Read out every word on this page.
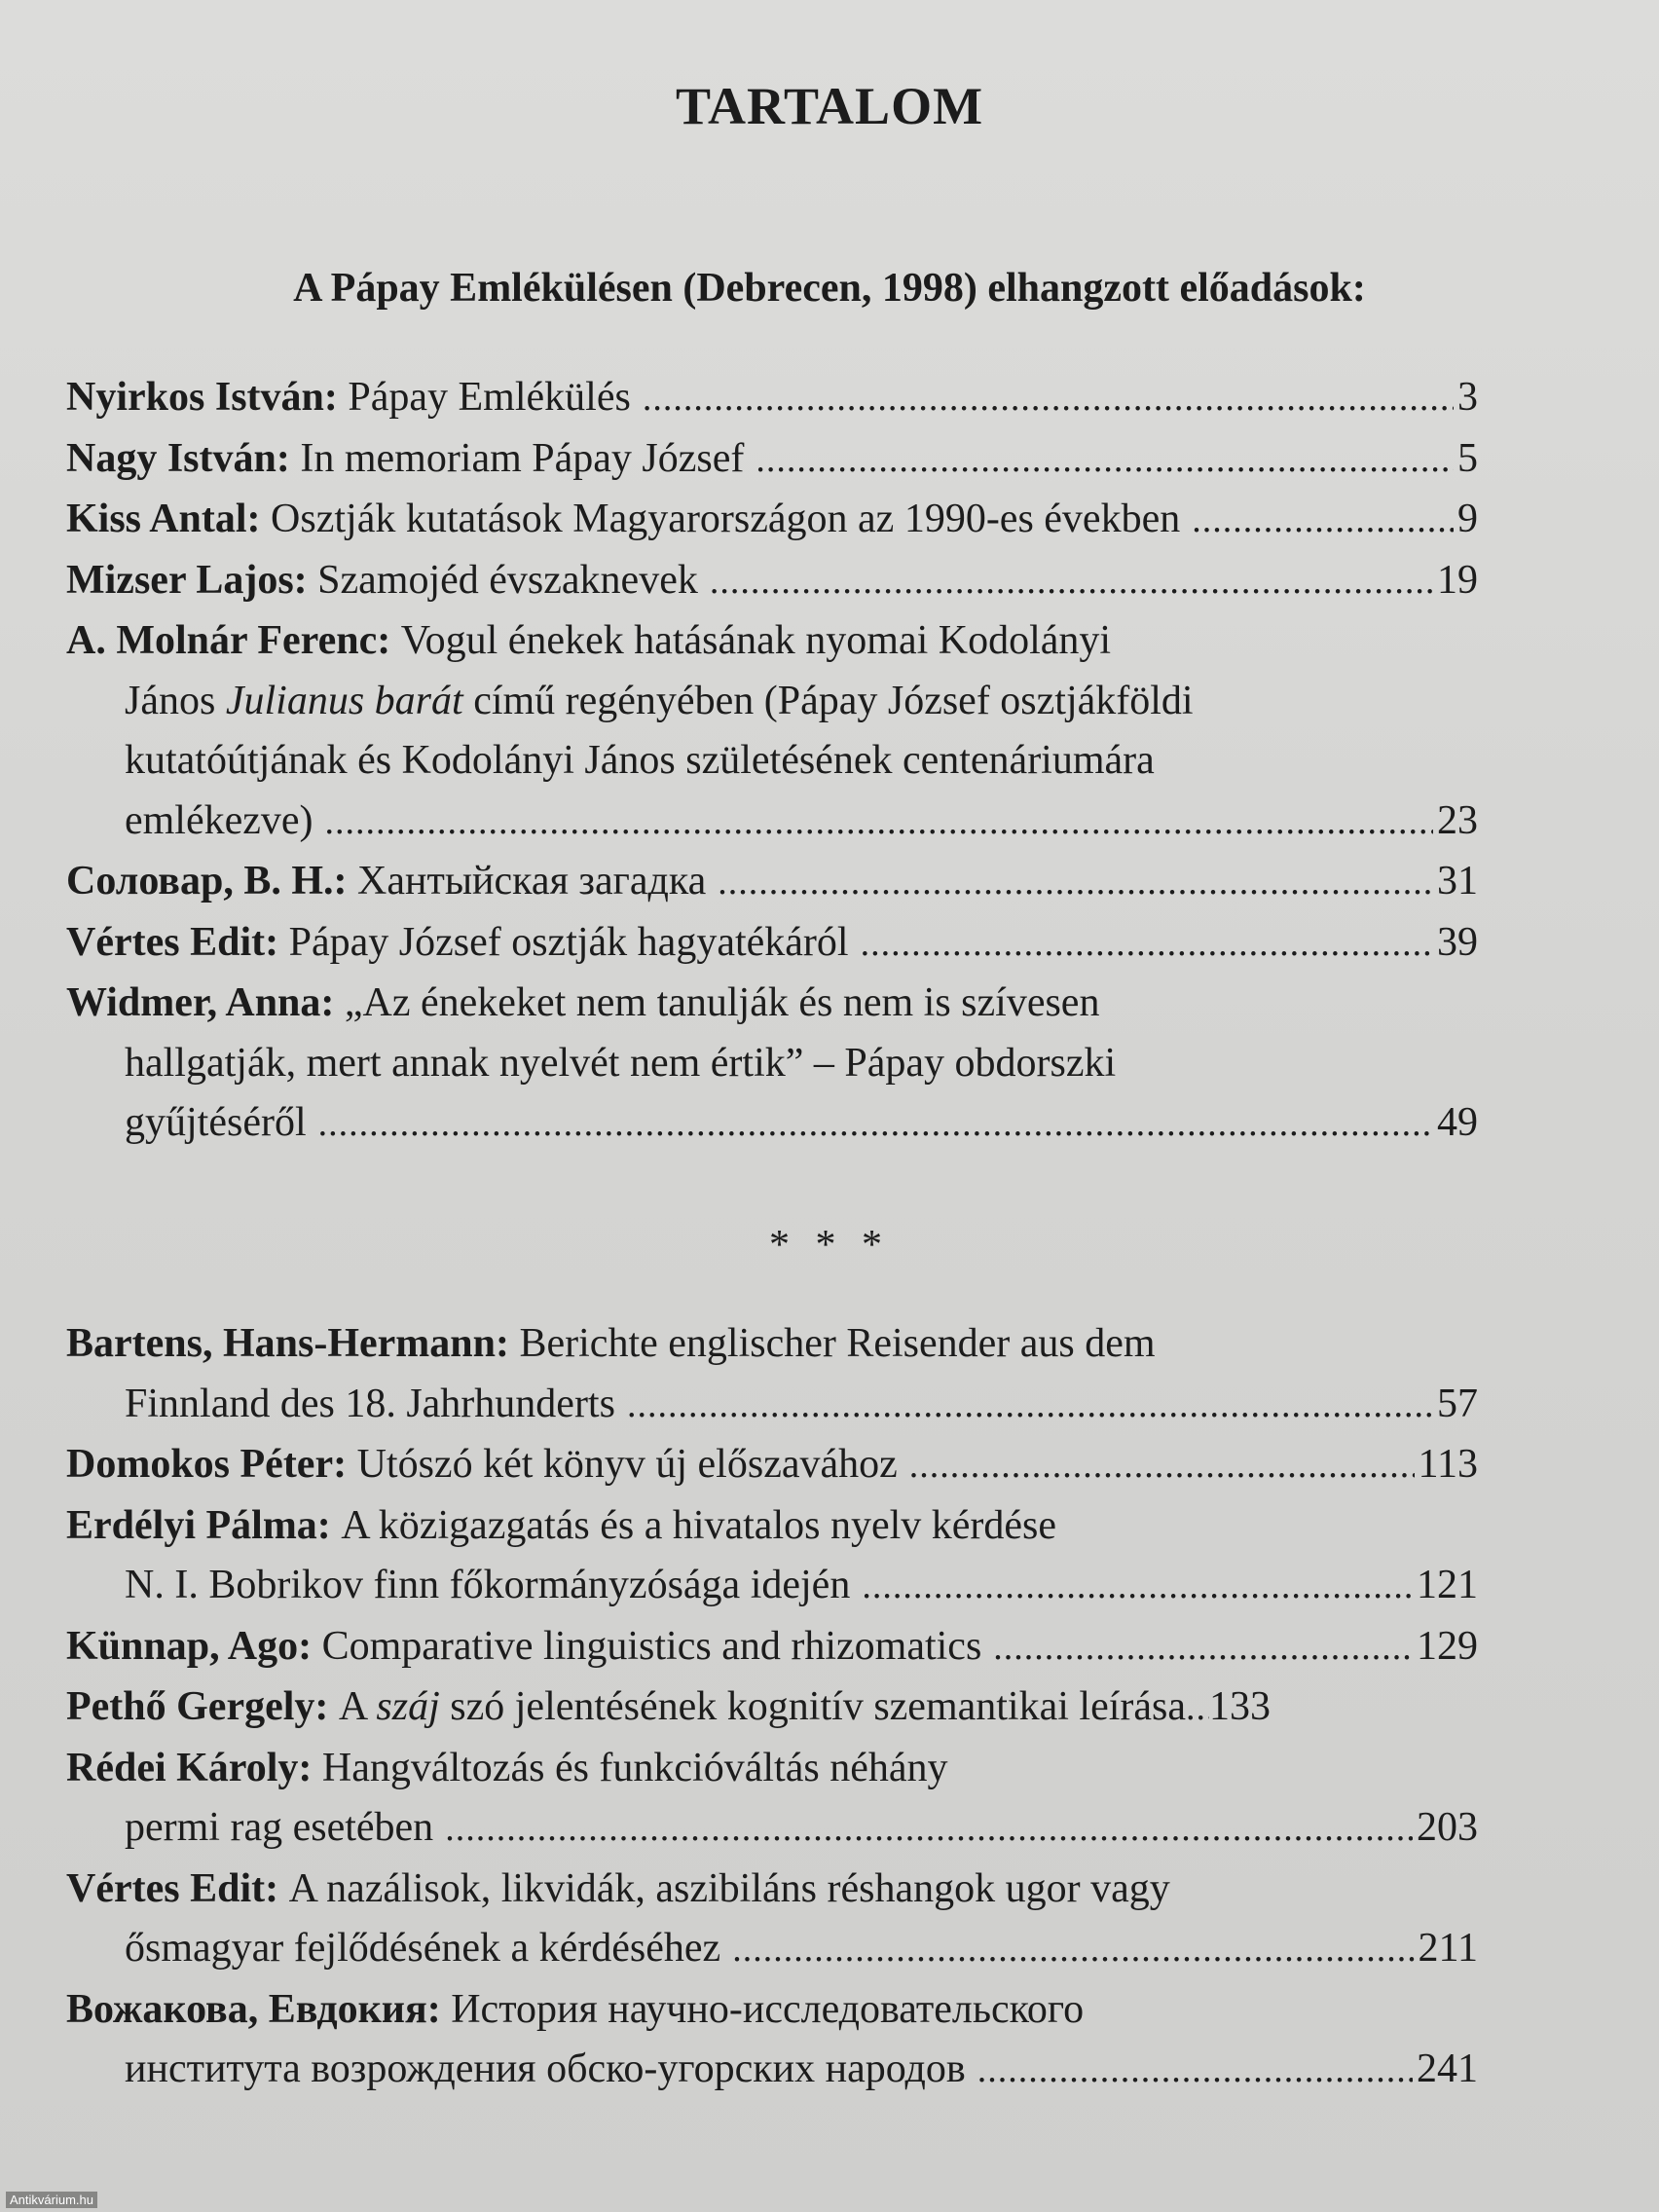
TARTALOM
A Pápay Emlékülésen (Debrecen, 1998) elhangzott előadások:
Nyirkos István:
Pápay Emlékülés .....	3
Nagy István:
In memoriam Pápay József .....	5
Kiss Antal:
Osztják kutatások Magyarországon az 1990-es években .....	9
Mizser Lajos:
Szamojéd évszaknevek .....	19
A. Molnár Ferenc:
Vogul énekek hatásának nyomai Kodolányi
János Julianus barát című regényében (Pápay József osztjákföldi
kutatóútjának és Kodolányi János születésének centenáriumára
emlékezve) .....	23
Соловар, В. Н.:
Хантыйская загадка .....	31
Vértes Edit:
Pápay József osztják hagyatékáról .....	39
Widmer, Anna:
„Az énekeket nem tanulják és nem is szívesen
hallgatják, mert annak nyelvét nem értik” – Pápay obdorszki
gyűjtéséről .....	49
* * *
Bartens, Hans-Hermann:
Berichte englischer Reisender aus dem
Finnland des 18. Jahrhunderts .....	57
Domokos Péter:
Utószó két könyv új előszavához .....	113
Erdélyi Pálma:
A közigazgatás és a hivatalos nyelv kérdése
N. I. Bobrikov finn főkormányzósága idején .....	121
Künnap, Ago:
Comparative linguistics and rhizomatics .....	129
Pethő Gergely:
A száj szó jelentésének kognitív szemantikai leírása ..... 133
Rédei Károly:
Hangváltozás és funkcióváltás néhány
permi rag esetében .....	203
Vértes Edit:
A nazálisok, likvidák, aszibiláns réshangok ugor vagy
ősmagyar fejlődésének a kérdéséhez .....	211
Вожакова, Евдокия:
История научно-исследовательского
института возрождения обско-угорских народов .....	241
Antikvárium.hu
